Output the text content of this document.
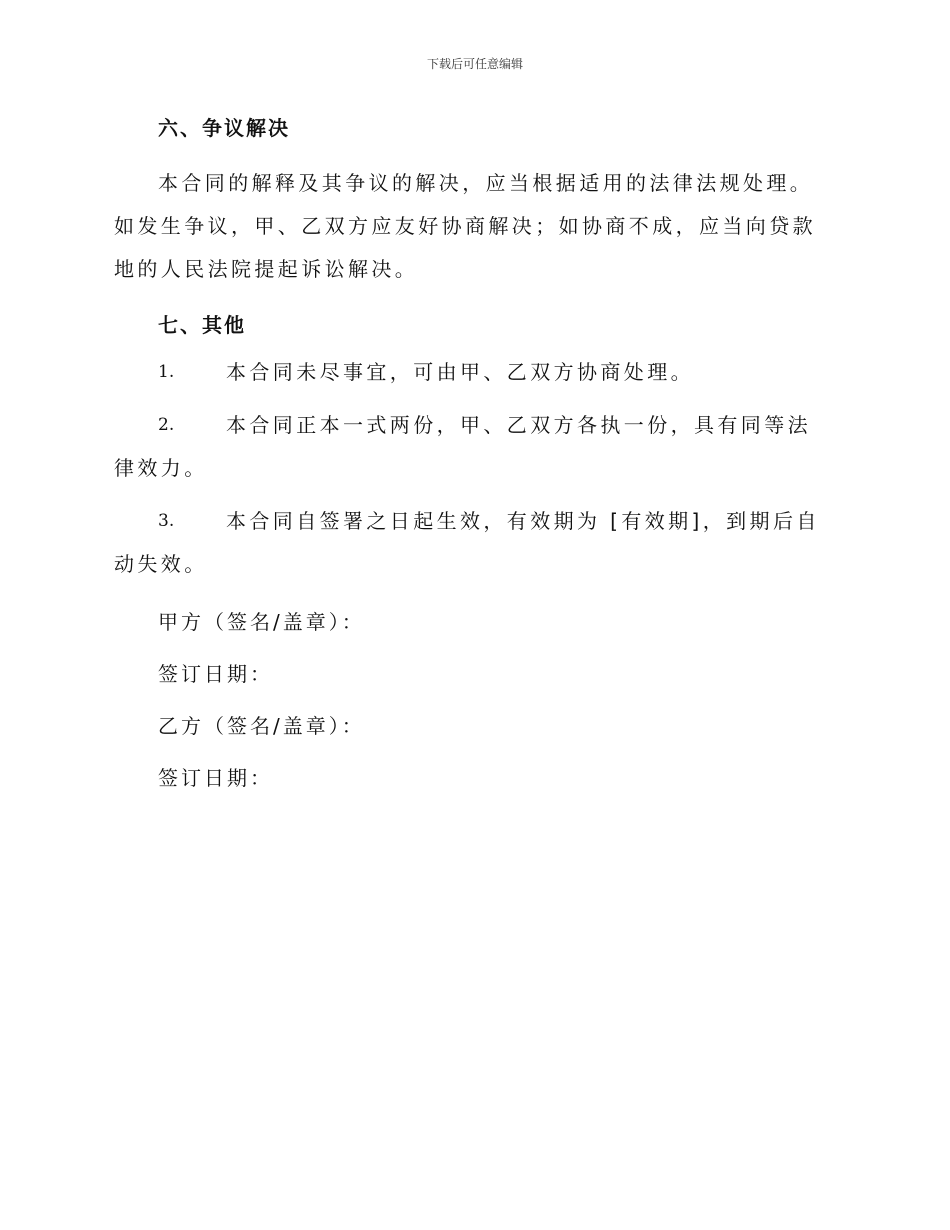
下载后可任意编辑
六、争议解决

本合同的解释及其争议的解决，应当根据适用的法律法规处理。如发生争议，甲、乙双方应友好协商解决；如协商不成，应当向贷款地的人民法院提起诉讼解决。

七、其他

1.	本合同未尽事宜，可由甲、乙双方协商处理。

2.	本合同正本一式两份，甲、乙双方各执一份，具有同等法律效力。

3.	本合同自签署之日起生效，有效期为 [有效期]，到期后自动失效。

甲方（签名/盖章）：
签订日期：
乙方（签名/盖章）：
签订日期：
